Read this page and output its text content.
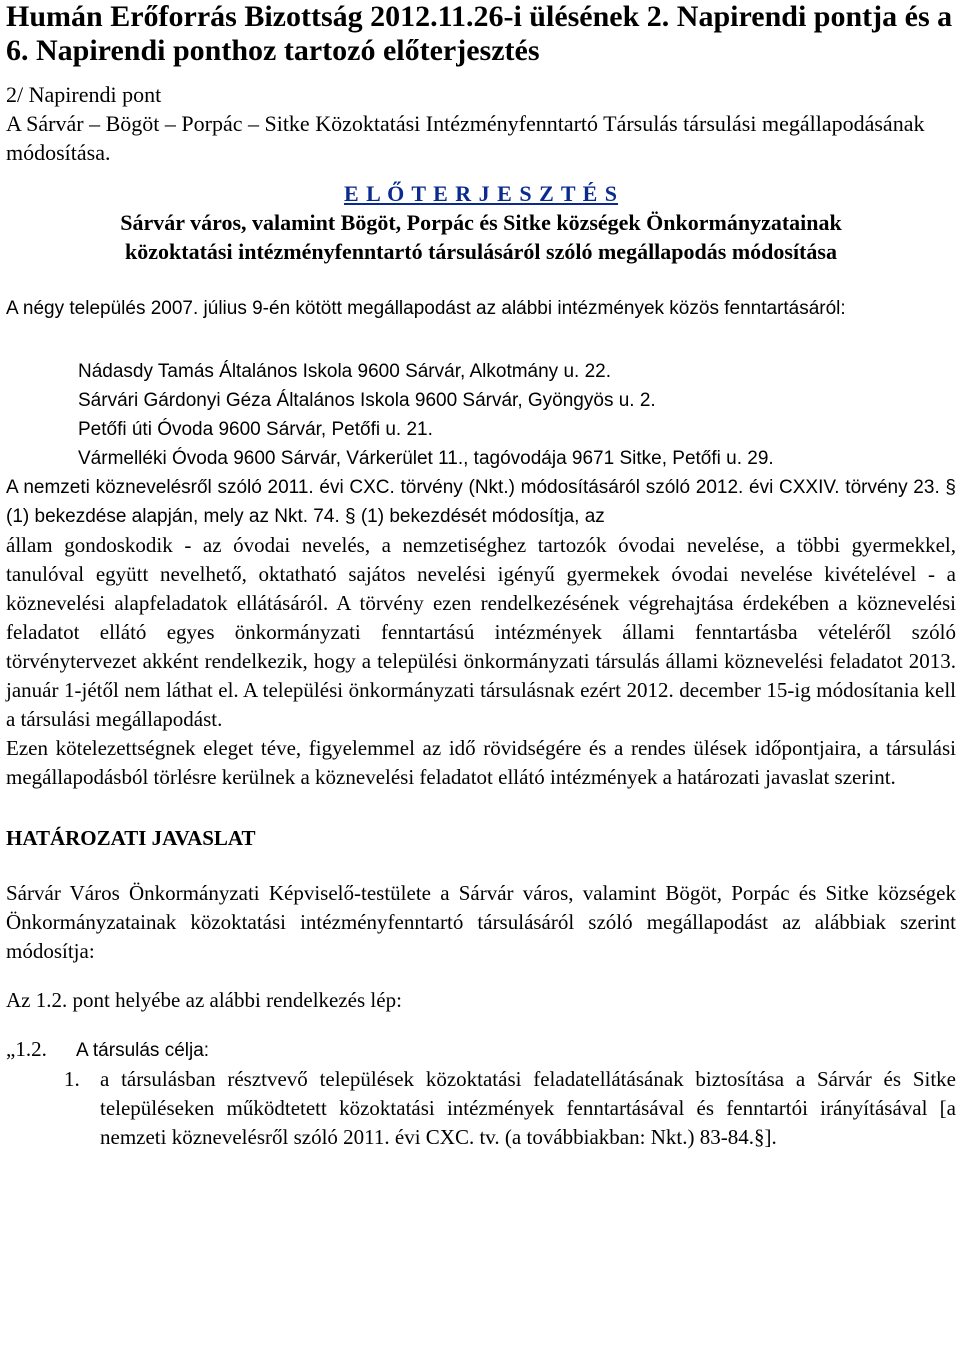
Humán Erőforrás Bizottság 2012.11.26-i ülésének 2. Napirendi pontja és a 6. Napirendi ponthoz tartozó előterjesztés
2/ Napirendi pont
A Sárvár – Bögöt – Porpác – Sitke Közoktatási Intézményfenntartó Társulás társulási megállapodásának módosítása.
E L Ő T E R J E S Z T É S
Sárvár város, valamint Bögöt, Porpác és Sitke községek Önkormányzatainak
közoktatási intézményfenntartó társulásáról szóló megállapodás módosítása

A négy település 2007. július 9-én kötött megállapodást az alábbi intézmények közös fenntartásáról:

Nádasdy Tamás Általános Iskola 9600 Sárvár, Alkotmány u. 22.
Sárvári Gárdonyi Géza Általános Iskola 9600 Sárvár, Gyöngyös u. 2.
Petőfi úti Óvoda 9600 Sárvár, Petőfi u. 21.
Vármelléki Óvoda 9600 Sárvár, Várkerület 11., tagóvodája 9671 Sitke, Petőfi u. 29.

A nemzeti köznevelésről szóló 2011. évi CXC. törvény (Nkt.) módosításáról szóló 2012. évi CXXIV. törvény 23. § (1) bekezdése alapján, mely az Nkt. 74. § (1) bekezdését módosítja, az

állam gondoskodik - az óvodai nevelés, a nemzetiséghez tartozók óvodai nevelése, a többi gyermekkel, tanulóval együtt nevelhető, oktatható sajátos nevelési igényű gyermekek óvodai nevelése kivételével - a köznevelési alapfeladatok ellátásáról. A törvény ezen rendelkezésének végrehajtása érdekében a köznevelési feladatot ellátó egyes önkormányzati fenntartású intézmények állami fenntartásba vételéről szóló törvénytervezet akként rendelkezik, hogy a települési önkormányzati társulás állami köznevelési feladatot 2013. január 1-jétől nem láthat el. A települési önkormányzati társulásnak ezért 2012. december 15-ig módosítania kell a társulási megállapodást.

Ezen kötelezettségnek eleget téve, figyelemmel az idő rövidségére és a rendes ülések időpontjaira, a társulási megállapodásból törlésre kerülnek a köznevelési feladatot ellátó intézmények a határozati javaslat szerint.

HATÁROZATI JAVASLAT

Sárvár Város Önkormányzati Képviselő-testülete a Sárvár város, valamint Bögöt, Porpác és Sitke községek Önkormányzatainak közoktatási intézményfenntartó társulásáról szóló megállapodást az alábbiak szerint módosítja:

Az 1.2. pont helyébe az alábbi rendelkezés lép:

„1.2. A társulás célja:
1. a társulásban résztvevő települések közoktatási feladatellátásának biztosítása a Sárvár és Sitke településeken működtetett közoktatási intézmények fenntartásával és fenntartói irányításával [a nemzeti köznevelésről szóló 2011. évi CXC. tv. (a továbbiakban: Nkt.) 83-84.§].
